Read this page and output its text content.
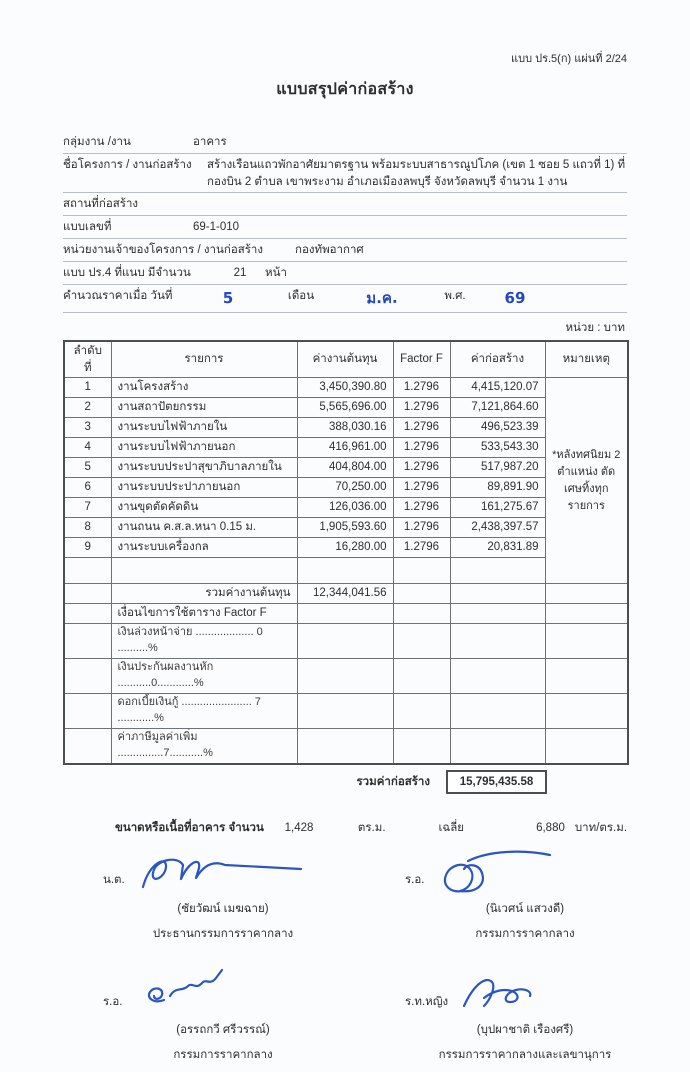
แบบ ปร.5(ก) แผ่นที่ 2/24
แบบสรุปค่าก่อสร้าง
กลุ่มงาน /งาน	อาคาร
ชื่อโครงการ / งานก่อสร้าง	สร้างเรือนแถวพักอาศัยมาตรฐาน พร้อมระบบสาธารณูปโภค (เขต 1 ซอย 5 แถวที่ 1) ที่ กองบิน 2 ตำบล เขาพระงาม อำเภอเมืองลพบุรี จังหวัดลพบุรี จำนวน 1 งาน
สถานที่ก่อสร้าง
แบบเลขที่	69-1-010
หน่วยงานเจ้าของโครงการ / งานก่อสร้าง	กองทัพอากาศ
แบบ ปร.4 ที่แนบ มีจำนวน	21	หน้า
คำนวณราคาเมื่อ วันที่	5	เดือน	ม.ค.	พ.ศ.	69
หน่วย : บาท
ลำดับที่	รายการ	ค่างานต้นทุน	Factor F	ค่าก่อสร้าง	หมายเหตุ
1	งานโครงสร้าง	3,450,390.80	1.2796	4,415,120.07	*หลังทศนิยม 2 ตำแหน่ง ตัดเศษทิ้งทุกรายการ
2	งานสถาปัตยกรรม	5,565,696.00	1.2796	7,121,864.60	
3	งานระบบไฟฟ้าภายใน	388,030.16	1.2796	496,523.39	
4	งานระบบไฟฟ้าภายนอก	416,961.00	1.2796	533,543.30	
5	งานระบบประปาสุขาภิบาลภายใน	404,804.00	1.2796	517,987.20	
6	งานระบบประปาภายนอก	70,250.00	1.2796	89,891.90	
7	งานขุดตัดคัดดิน	126,036.00	1.2796	161,275.67	
8	งานถนน ค.ส.ล.หนา 0.15 ม.	1,905,593.60	1.2796	2,438,397.57	
9	งานระบบเครื่องกล	16,280.00	1.2796	20,831.89	

	รวมค่างานต้นทุน	12,344,041.56			
	เงื่อนไขการใช้ตาราง Factor F				
	เงินล่วงหน้าจ่าย ................... 0 ..........%				
	เงินประกันผลงานหัก ...........0............%				
	ดอกเบี้ยเงินกู้ ....................... 7 ............%				
	ค่าภาษีมูลค่าเพิ่ม ...............7...........%				
รวมค่าก่อสร้าง	15,795,435.58
ขนาดหรือเนื้อที่อาคาร จำนวน	1,428	ตร.ม.	เฉลี่ย	6,880 บาท/ตร.ม.
น.ต.
(ชัยวัฒน์ เมฆฉาย)
ประธานกรรมการราคากลาง
ร.อ.
(นิเวศน์ แสวงดี)
กรรมการราคากลาง
ร.อ.
(อรรถกวี ศรีวรรณ์)
กรรมการราคากลาง
ร.ท.หญิง
(บุปผาชาติ เรืองศรี)
กรรมการราคากลางและเลขานุการ
